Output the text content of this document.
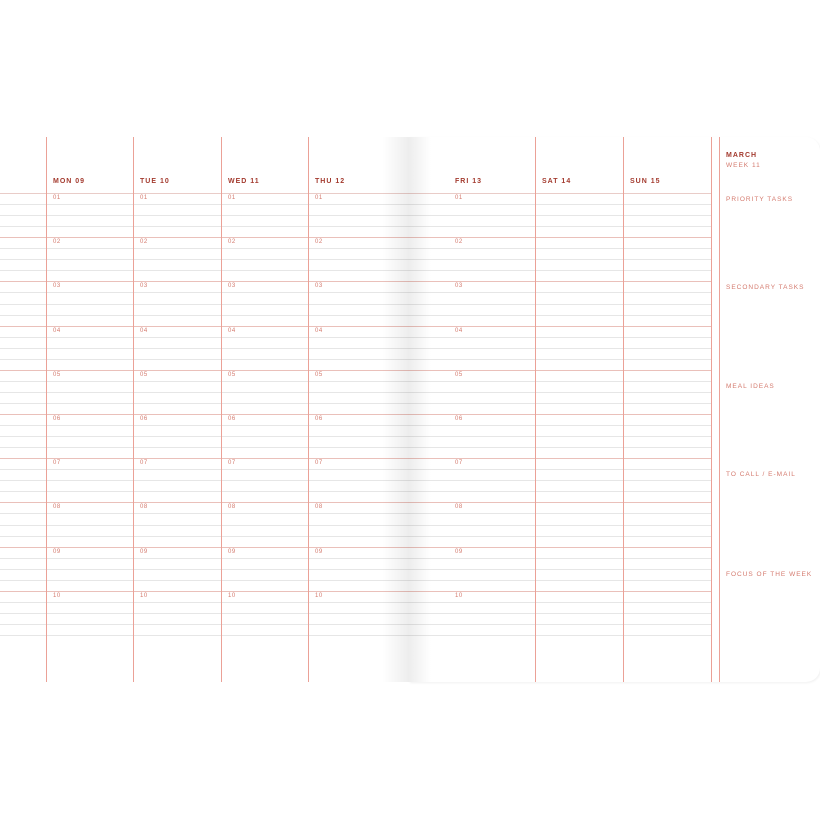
MON 09
01
02
03
04
05
06
07
08
09
10
TUE 10
01
02
03
04
05
06
07
08
09
10
WED 11
01
02
03
04
05
06
07
08
09
10
THU 12
01
02
03
04
05
06
07
08
09
10
FRI 13	SAT 14	SUN 15
01
02
03
04
05
06
07
08
09
10
MARCH
WEEK 11
PRIORITY TASKS
SECONDARY TASKS
MEAL IDEAS
TO CALL / E-MAIL
FOCUS OF THE WEEK
